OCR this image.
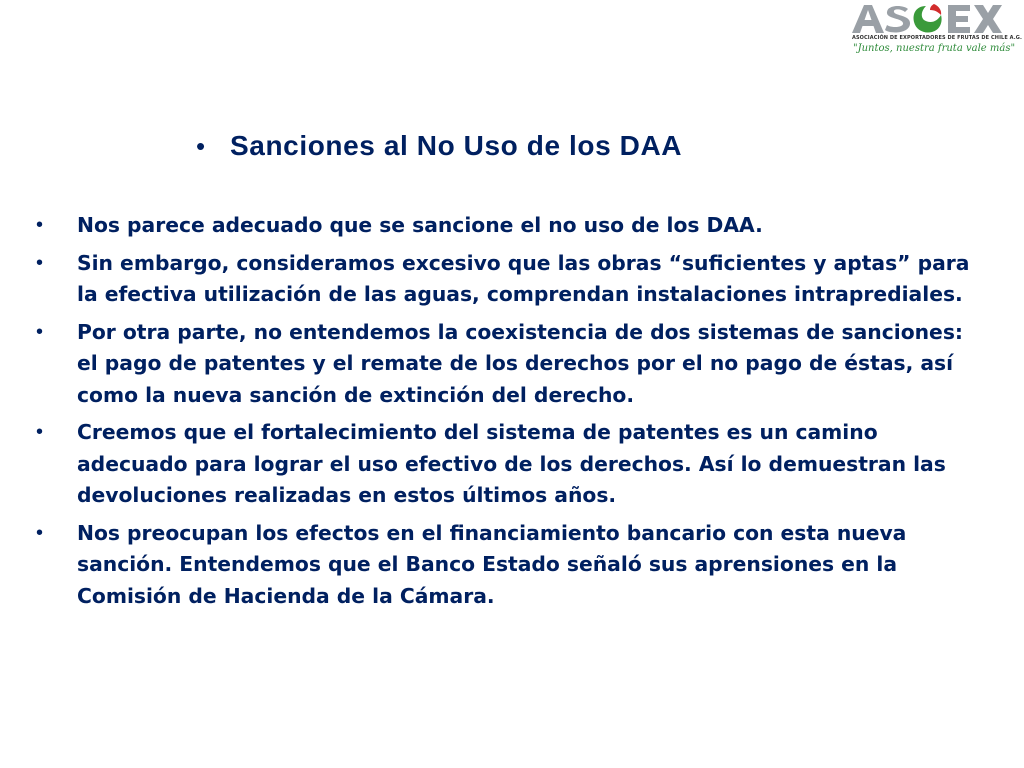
ASOCIACIÓN DE EXPORTADORES DE FRUTAS DE CHILE A.G.
"Juntos, nuestra fruta vale más"
• Sanciones al No Uso de los DAA
• Nos parece adecuado que se sancione el no uso de los DAA.
• Sin embargo, consideramos excesivo que las obras “suficientes y aptas” para la efectiva utilización de las aguas, comprendan instalaciones intraprediales.
• Por otra parte, no entendemos la coexistencia de dos sistemas de sanciones: el pago de patentes y el remate de los derechos por el no pago de éstas, así como la nueva sanción de extinción del derecho.
• Creemos que el fortalecimiento del sistema de patentes es un camino adecuado para lograr el uso efectivo de los derechos. Así lo demuestran las devoluciones realizadas en estos últimos años.
• Nos preocupan los efectos en el financiamiento bancario con esta nueva sanción. Entendemos que el Banco Estado señaló sus aprensiones en la Comisión de Hacienda de la Cámara.
